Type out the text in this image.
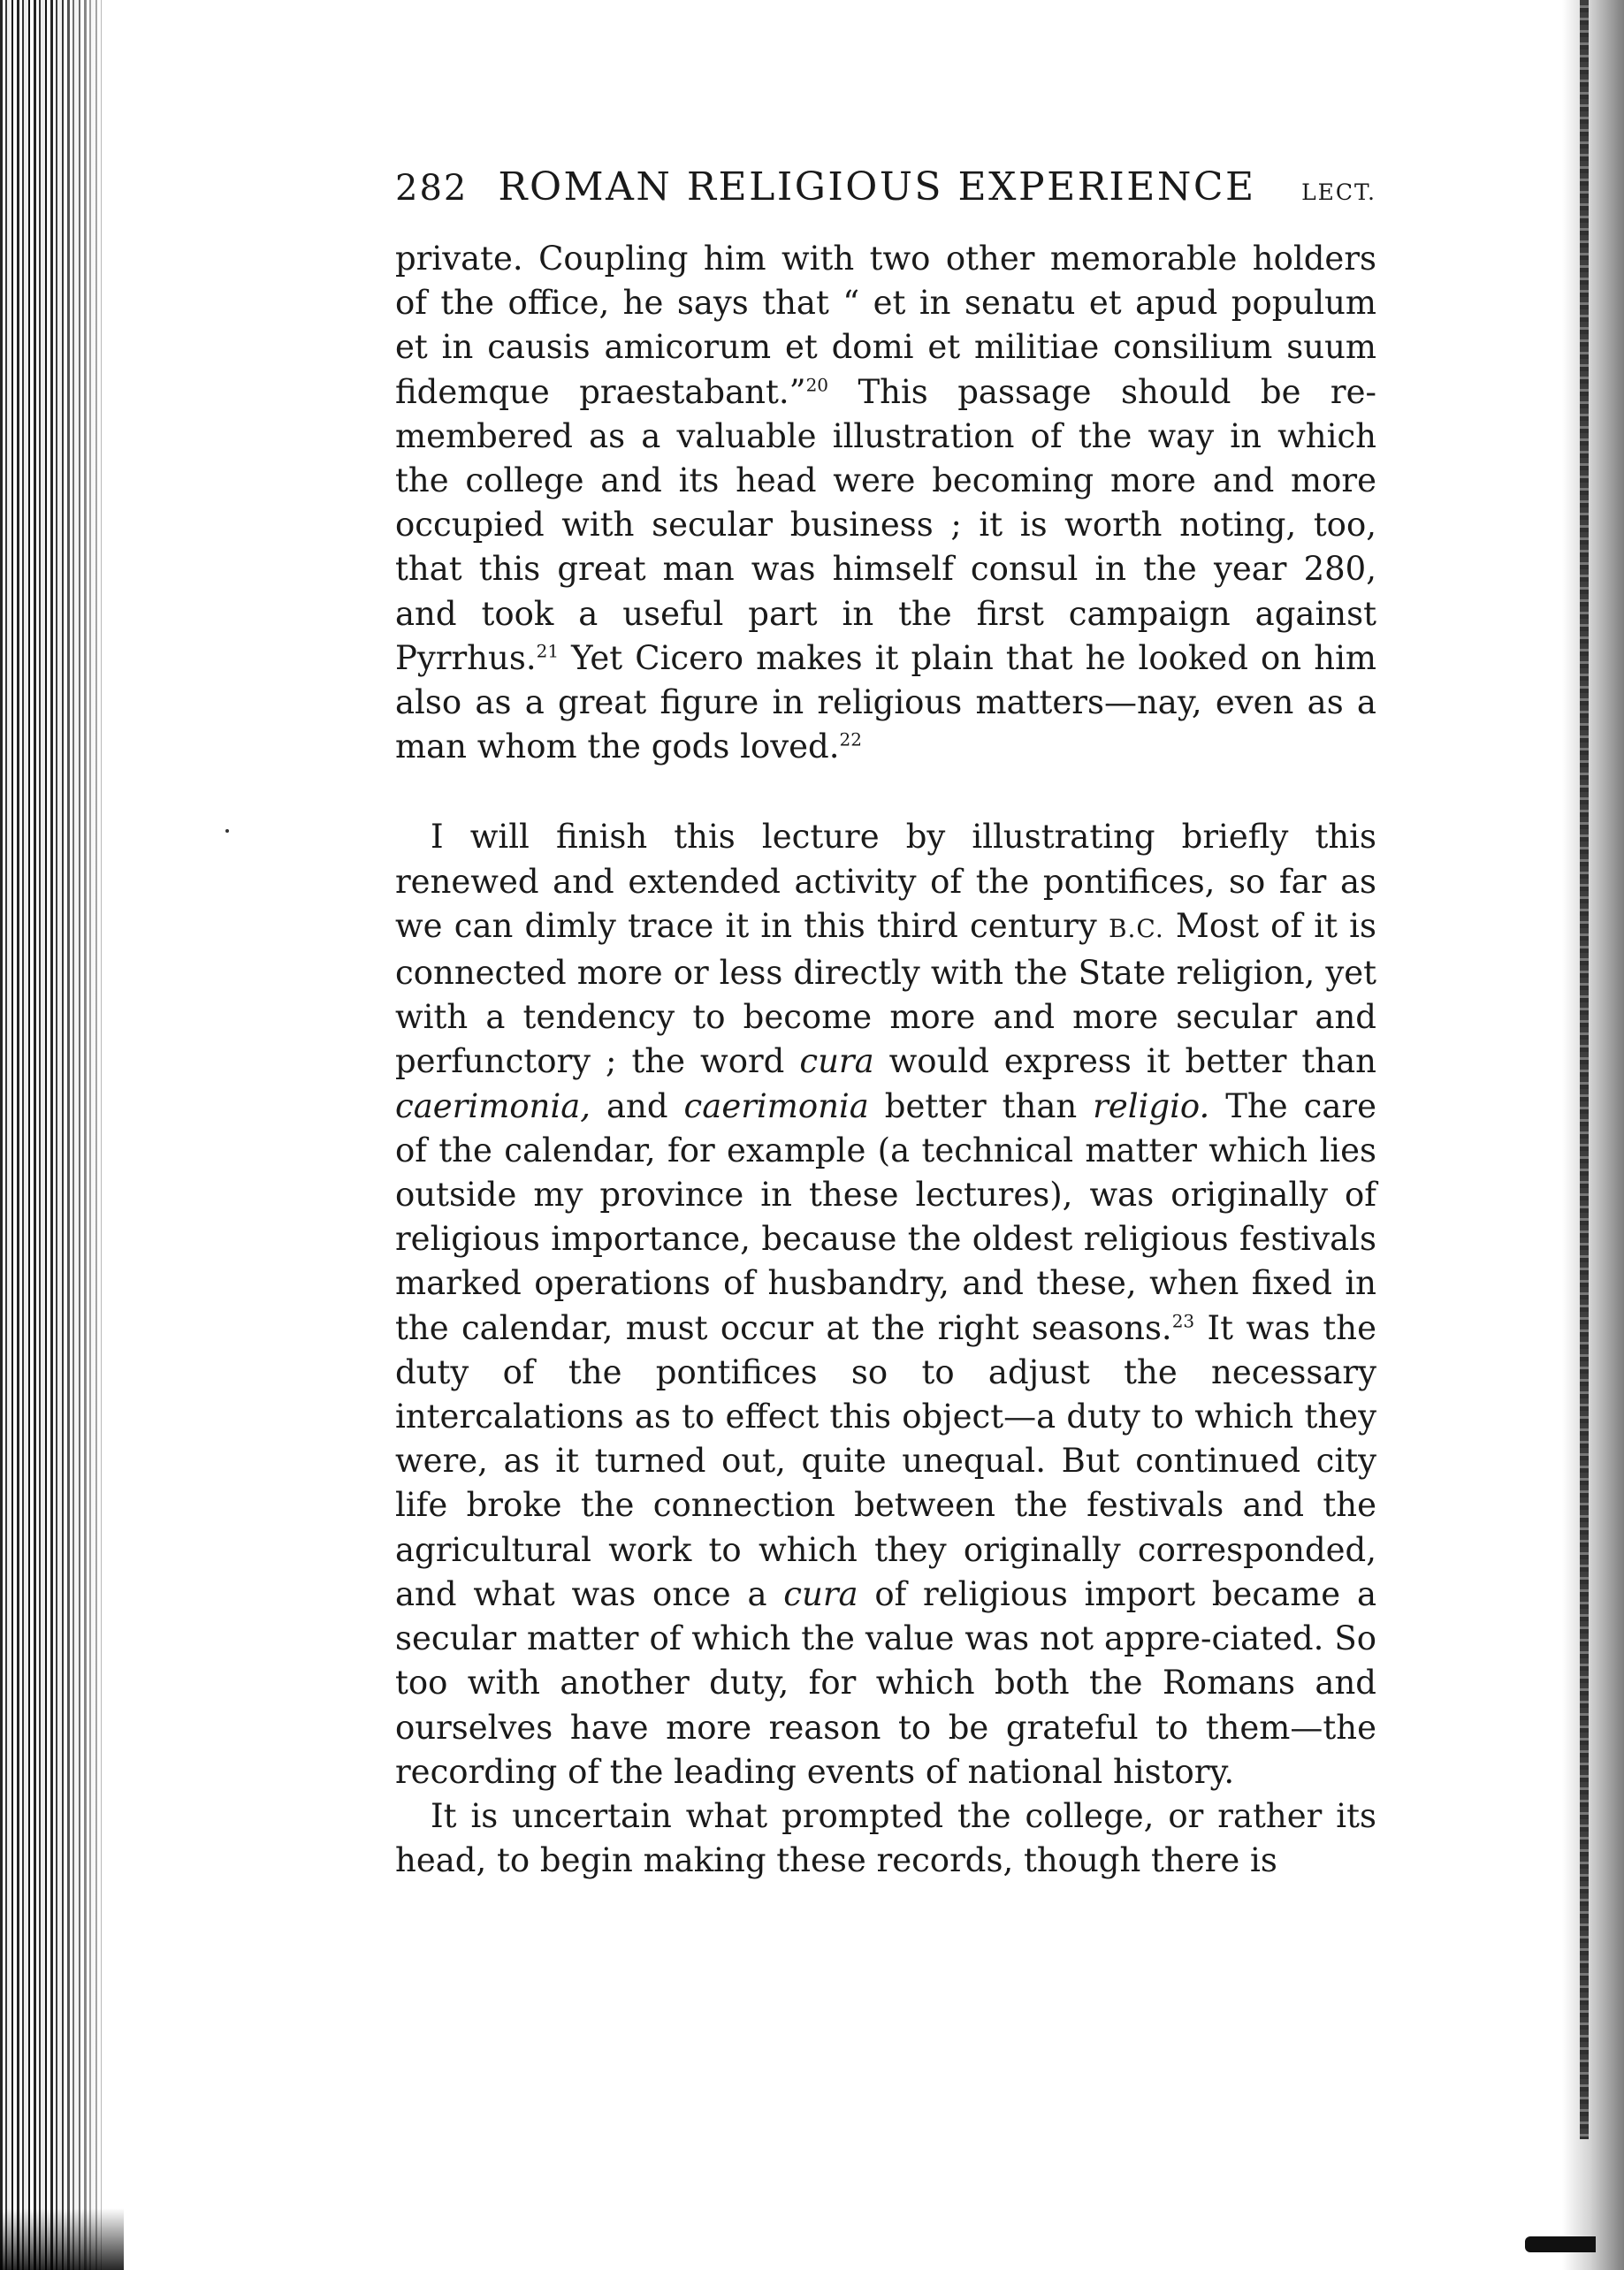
282 ROMAN RELIGIOUS EXPERIENCE	LECT.

private. Coupling him with two other memorable holders of the office, he says that “ et in senatu et apud populum et in causis amicorum et domi et militiae consilium suum fidemque praestabant.”$^{20}$ This passage should be re-membered as a valuable illustration of the way in which the college and its head were becoming more and more occupied with secular business ; it is worth noting, too, that this great man was himself consul in the year 280, and took a useful part in the first campaign against Pyrrhus.$^{21}$ Yet Cicero makes it plain that he looked on him also as a great figure in religious matters—nay, even as a man whom the gods loved.$^{22}$

I will finish this lecture by illustrating briefly this renewed and extended activity of the pontifices, so far as we can dimly trace it in this third century B.C. Most of it is connected more or less directly with the State religion, yet with a tendency to become more and more secular and perfunctory ; the word cura would express it better than caerimonia, and caerimonia better than religio. The care of the calendar, for example (a technical matter which lies outside my province in these lectures), was originally of religious importance, because the oldest religious festivals marked operations of husbandry, and these, when fixed in the calendar, must occur at the right seasons.$^{23}$ It was the duty of the pontifices so to adjust the necessary intercalations as to effect this object—a duty to which they were, as it turned out, quite unequal. But continued city life broke the connection between the festivals and the agricultural work to which they originally corresponded, and what was once a cura of religious import became a secular matter of which the value was not appre-ciated. So too with another duty, for which both the Romans and ourselves have more reason to be grateful to them—the recording of the leading events of national history.

It is uncertain what prompted the college, or rather its head, to begin making these records, though there is
